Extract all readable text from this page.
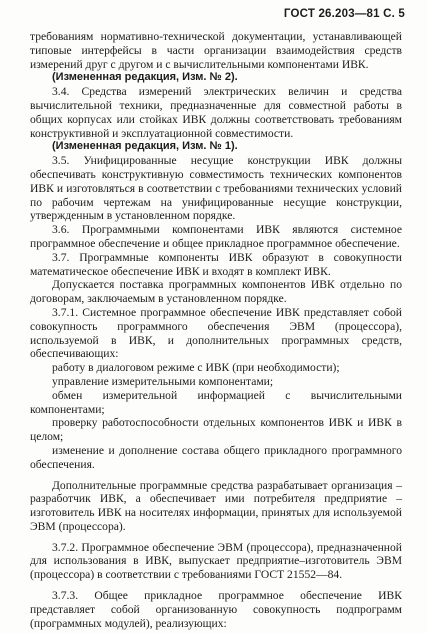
ГОСТ 26.203—81 С. 5

требованиям нормативно-технической документации, устанавливающей типовые интерфейсы в части организации взаимодействия средств измерений друг с другом и с вычислительными компонентами ИВК.

(Измененная редакция, Изм. № 2).

3.4. Средства измерений электрических величин и средства вычислительной техники, предназначенные для совместной работы в общих корпусах или стойках ИВК должны соответствовать требованиям конструктивной и эксплуатационной совместимости.

(Измененная редакция, Изм. № 1).

3.5. Унифицированные несущие конструкции ИВК должны обеспечивать конструктивную совместимость технических компонентов ИВК и изготовляться в соответствии с требованиями технических условий по рабочим чертежам на унифицированные несущие конструкции, утвержденным в установленном порядке.

3.6. Программными компонентами ИВК являются системное программное обеспечение и общее прикладное программное обеспечение.

3.7. Программные компоненты ИВК образуют в совокупности математическое обеспечение ИВК и входят в комплект ИВК.

Допускается поставка программных компонентов ИВК отдельно по договорам, заключаемым в установленном порядке.

3.7.1. Системное программное обеспечение ИВК представляет собой совокупность программного обеспечения ЭВМ (процессора), используемой в ИВК, и дополнительных программных средств, обеспечивающих:

работу в диалоговом режиме с ИВК (при необходимости);

управление измерительными компонентами;

обмен измерительной информацией с вычислительными компонентами;

проверку работоспособности отдельных компонентов ИВК и ИВК в целом;

изменение и дополнение состава общего прикладного программного обеспечения.

Дополнительные программные средства разрабатывает организация – разработчик ИВК, а обеспечивает ими потребителя предприятие – изготовитель ИВК на носителях информации, принятых для используемой ЭВМ (процессора).

3.7.2. Программное обеспечение ЭВМ (процессора), предназначенной для использования в ИВК, выпускает предприятие–изготовитель ЭВМ (процессора) в соответствии с требованиями ГОСТ 21552—84.

3.7.3. Общее прикладное программное обеспечение ИВК представляет собой организованную совокупность подпрограмм (программных модулей), реализующих:
